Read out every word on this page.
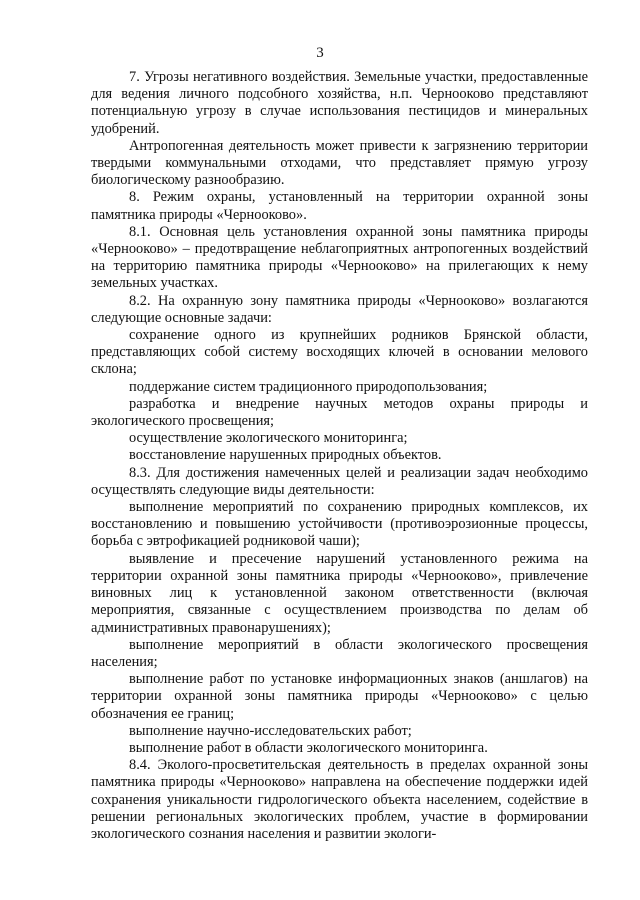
3

7. Угрозы негативного воздействия. Земельные участки, предоставленные для ведения личного подсобного хозяйства, н.п. Чернооково представляют потенциальную угрозу в случае использования пестицидов и минеральных удобрений.

Антропогенная деятельность может привести к загрязнению территории твердыми коммунальными отходами, что представляет прямую угрозу биологическому разнообразию.

8. Режим охраны, установленный на территории охранной зоны памятника природы «Чернооково».

8.1. Основная цель установления охранной зоны памятника природы «Чернооково» – предотвращение неблагоприятных антропогенных воздействий на территорию памятника природы «Чернооково» на прилегающих к нему земельных участках.

8.2. На охранную зону памятника природы «Чернооково» возлагаются следующие основные задачи:

сохранение одного из крупнейших родников Брянской области, представляющих собой систему восходящих ключей в основании мелового склона;

поддержание систем традиционного природопользования;

разработка и внедрение научных методов охраны природы и экологического просвещения;

осуществление экологического мониторинга;

восстановление нарушенных природных объектов.

8.3. Для достижения намеченных целей и реализации задач необходимо осуществлять следующие виды деятельности:

выполнение мероприятий по сохранению природных комплексов, их восстановлению и повышению устойчивости (противоэрозионные процессы, борьба с эвтрофикацией родниковой чаши);

выявление и пресечение нарушений установленного режима на территории охранной зоны памятника природы «Чернооково», привлечение виновных лиц к установленной законом ответственности (включая мероприятия, связанные с осуществлением производства по делам об административных правонарушениях);

выполнение мероприятий в области экологического просвещения населения;

выполнение работ по установке информационных знаков (аншлагов) на территории охранной зоны памятника природы «Чернооково» с целью обозначения ее границ;

выполнение научно-исследовательских работ;

выполнение работ в области экологического мониторинга.

8.4. Эколого-просветительская деятельность в пределах охранной зоны памятника природы «Чернооково» направлена на обеспечение поддержки идей сохранения уникальности гидрологического объекта населением, содействие в решении региональных экологических проблем, участие в формировании экологического сознания населения и развитии экологи-
